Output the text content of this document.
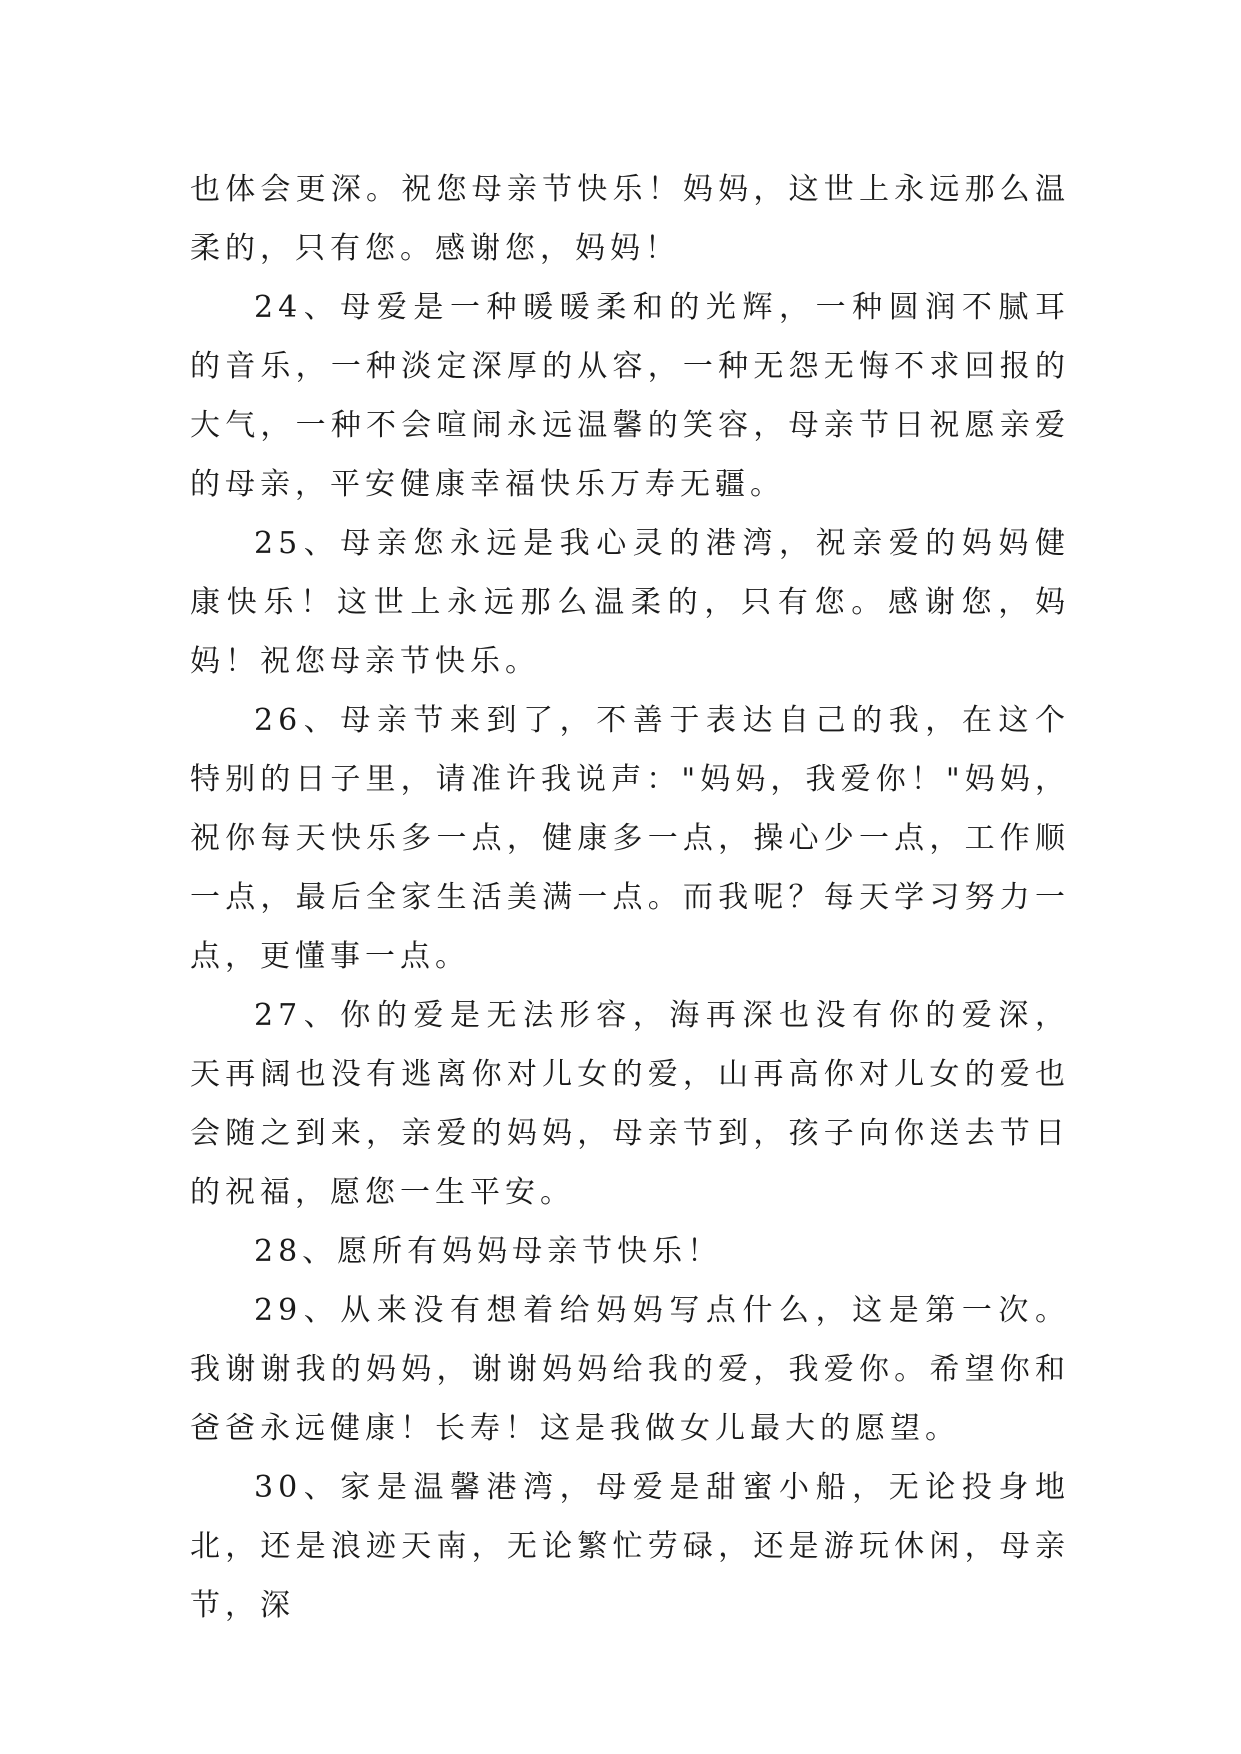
也体会更深。祝您母亲节快乐！妈妈，这世上永远那么温柔的，只有您。感谢您，妈妈！

24、母爱是一种暖暖柔和的光辉，一种圆润不腻耳的音乐，一种淡定深厚的从容，一种无怨无悔不求回报的大气，一种不会喧闹永远温馨的笑容，母亲节日祝愿亲爱的母亲，平安健康幸福快乐万寿无疆。

25、母亲您永远是我心灵的港湾，祝亲爱的妈妈健康快乐！这世上永远那么温柔的，只有您。感谢您，妈妈！祝您母亲节快乐。

26、母亲节来到了，不善于表达自己的我，在这个特别的日子里，请准许我说声："妈妈，我爱你！"妈妈，祝你每天快乐多一点，健康多一点，操心少一点，工作顺一点，最后全家生活美满一点。而我呢？每天学习努力一点，更懂事一点。

27、你的爱是无法形容，海再深也没有你的爱深，天再阔也没有逃离你对儿女的爱，山再高你对儿女的爱也会随之到来，亲爱的妈妈，母亲节到，孩子向你送去节日的祝福，愿您一生平安。

28、愿所有妈妈母亲节快乐！

29、从来没有想着给妈妈写点什么，这是第一次。我谢谢我的妈妈，谢谢妈妈给我的爱，我爱你。希望你和爸爸永远健康！长寿！这是我做女儿最大的愿望。

30、家是温馨港湾，母爱是甜蜜小船，无论投身地北，还是浪迹天南，无论繁忙劳碌，还是游玩休闲，母亲节，深
